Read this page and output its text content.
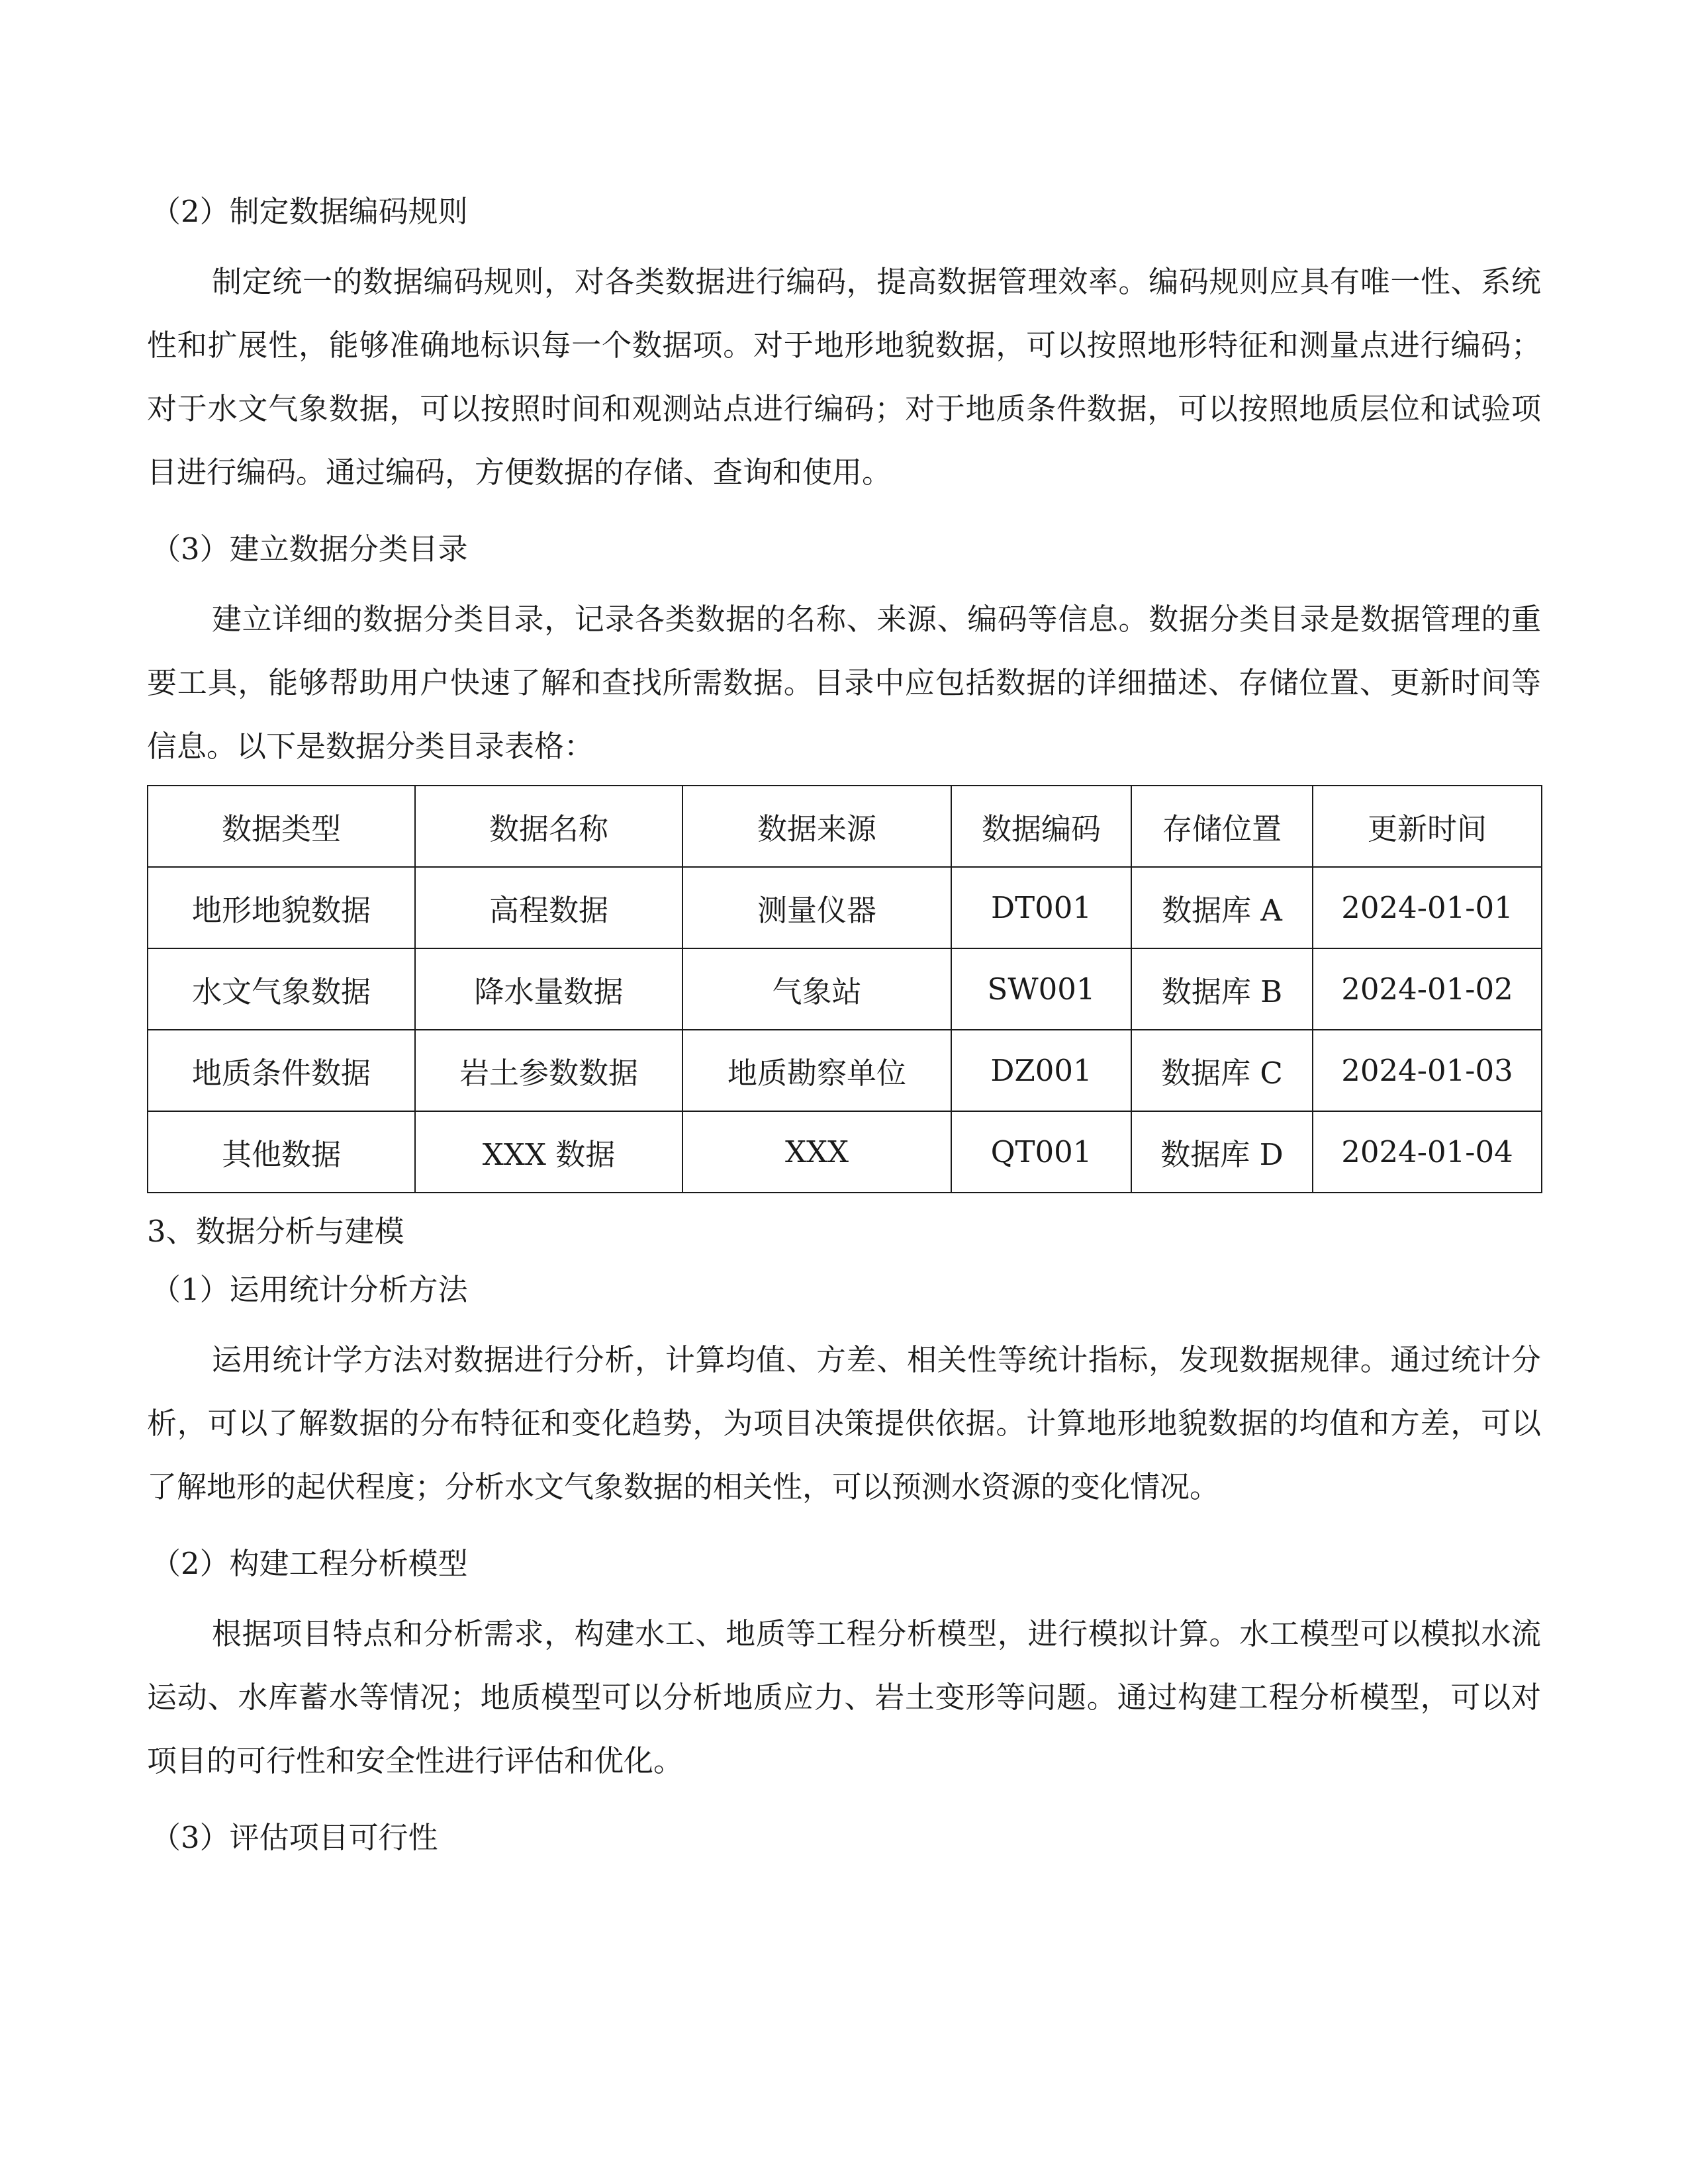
（2）制定数据编码规则

制定统一的数据编码规则，对各类数据进行编码，提高数据管理效率。编码规则应具有唯一性、系统性和扩展性，能够准确地标识每一个数据项。对于地形地貌数据，可以按照地形特征和测量点进行编码；对于水文气象数据，可以按照时间和观测站点进行编码；对于地质条件数据，可以按照地质层位和试验项目进行编码。通过编码，方便数据的存储、查询和使用。

（3）建立数据分类目录

建立详细的数据分类目录，记录各类数据的名称、来源、编码等信息。数据分类目录是数据管理的重要工具，能够帮助用户快速了解和查找所需数据。目录中应包括数据的详细描述、存储位置、更新时间等信息。以下是数据分类目录表格：

数据类型	数据名称	数据来源	数据编码	存储位置	更新时间
地形地貌数据	高程数据	测量仪器	DT001	数据库 A	2024-01-01
水文气象数据	降水量数据	气象站	SW001	数据库 B	2024-01-02
地质条件数据	岩土参数数据	地质勘察单位	DZ001	数据库 C	2024-01-03
其他数据	XXX 数据	XXX	QT001	数据库 D	2024-01-04

3、数据分析与建模

（1）运用统计分析方法

运用统计学方法对数据进行分析，计算均值、方差、相关性等统计指标，发现数据规律。通过统计分析，可以了解数据的分布特征和变化趋势，为项目决策提供依据。计算地形地貌数据的均值和方差，可以了解地形的起伏程度；分析水文气象数据的相关性，可以预测水资源的变化情况。

（2）构建工程分析模型

根据项目特点和分析需求，构建水工、地质等工程分析模型，进行模拟计算。水工模型可以模拟水流运动、水库蓄水等情况；地质模型可以分析地质应力、岩土变形等问题。通过构建工程分析模型，可以对项目的可行性和安全性进行评估和优化。

（3）评估项目可行性
